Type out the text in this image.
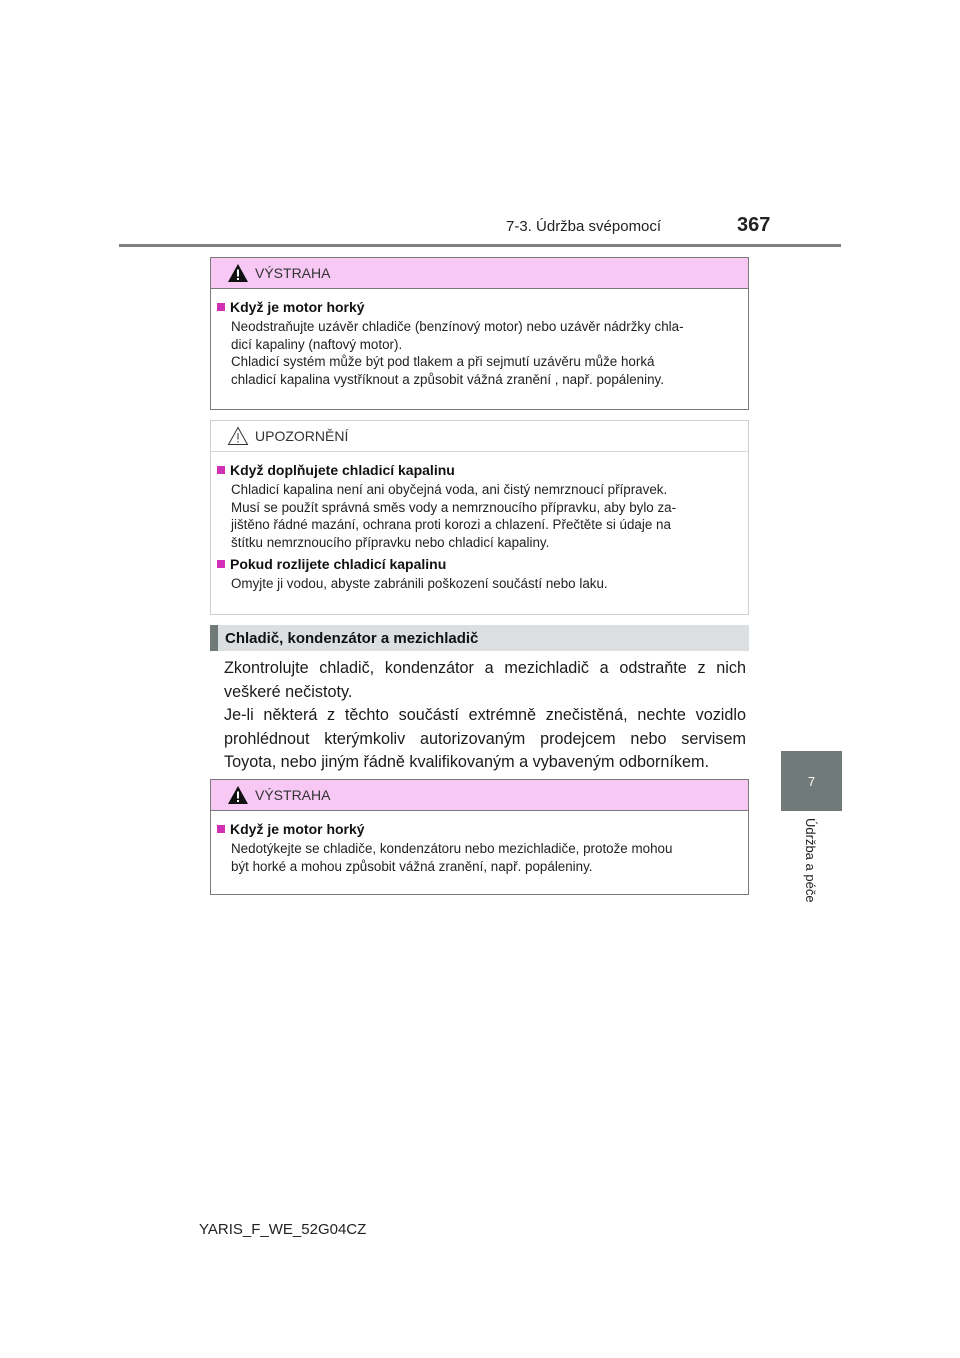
7-3. Údržba svépomocí	367
7
Údržba a péče
VÝSTRAHA
Když je motor horký
Neodstraňujte uzávěr chladiče (benzínový motor) nebo uzávěr nádržky chla-
dicí kapaliny (naftový motor).
Chladicí systém může být pod tlakem a při sejmutí uzávěru může horká
chladicí kapalina vystříknout a způsobit vážná zranění , např. popáleniny.
UPOZORNĚNÍ
Když doplňujete chladicí kapalinu
Chladicí kapalina není ani obyčejná voda, ani čistý nemrznoucí přípravek.
Musí se použít správná směs vody a nemrznoucího přípravku, aby bylo za-
jištěno řádné mazání, ochrana proti korozi a chlazení. Přečtěte si údaje na
štítku nemrznoucího přípravku nebo chladicí kapaliny.
Pokud rozlijete chladicí kapalinu
Omyjte ji vodou, abyste zabránili poškození součástí nebo laku.
Chladič, kondenzátor a mezichladič
Zkontrolujte chladič, kondenzátor a mezichladič a odstraňte z nich
veškeré nečistoty.
Je-li některá z těchto součástí extrémně znečistěná, nechte vozidlo
prohlédnout kterýmkoliv autorizovaným prodejcem nebo servisem
Toyota, nebo jiným řádně kvalifikovaným a vybaveným odborníkem.
VÝSTRAHA
Když je motor horký
Nedotýkejte se chladiče, kondenzátoru nebo mezichladiče, protože mohou
být horké a mohou způsobit vážná zranění, např. popáleniny.
YARIS_F_WE_52G04CZ
